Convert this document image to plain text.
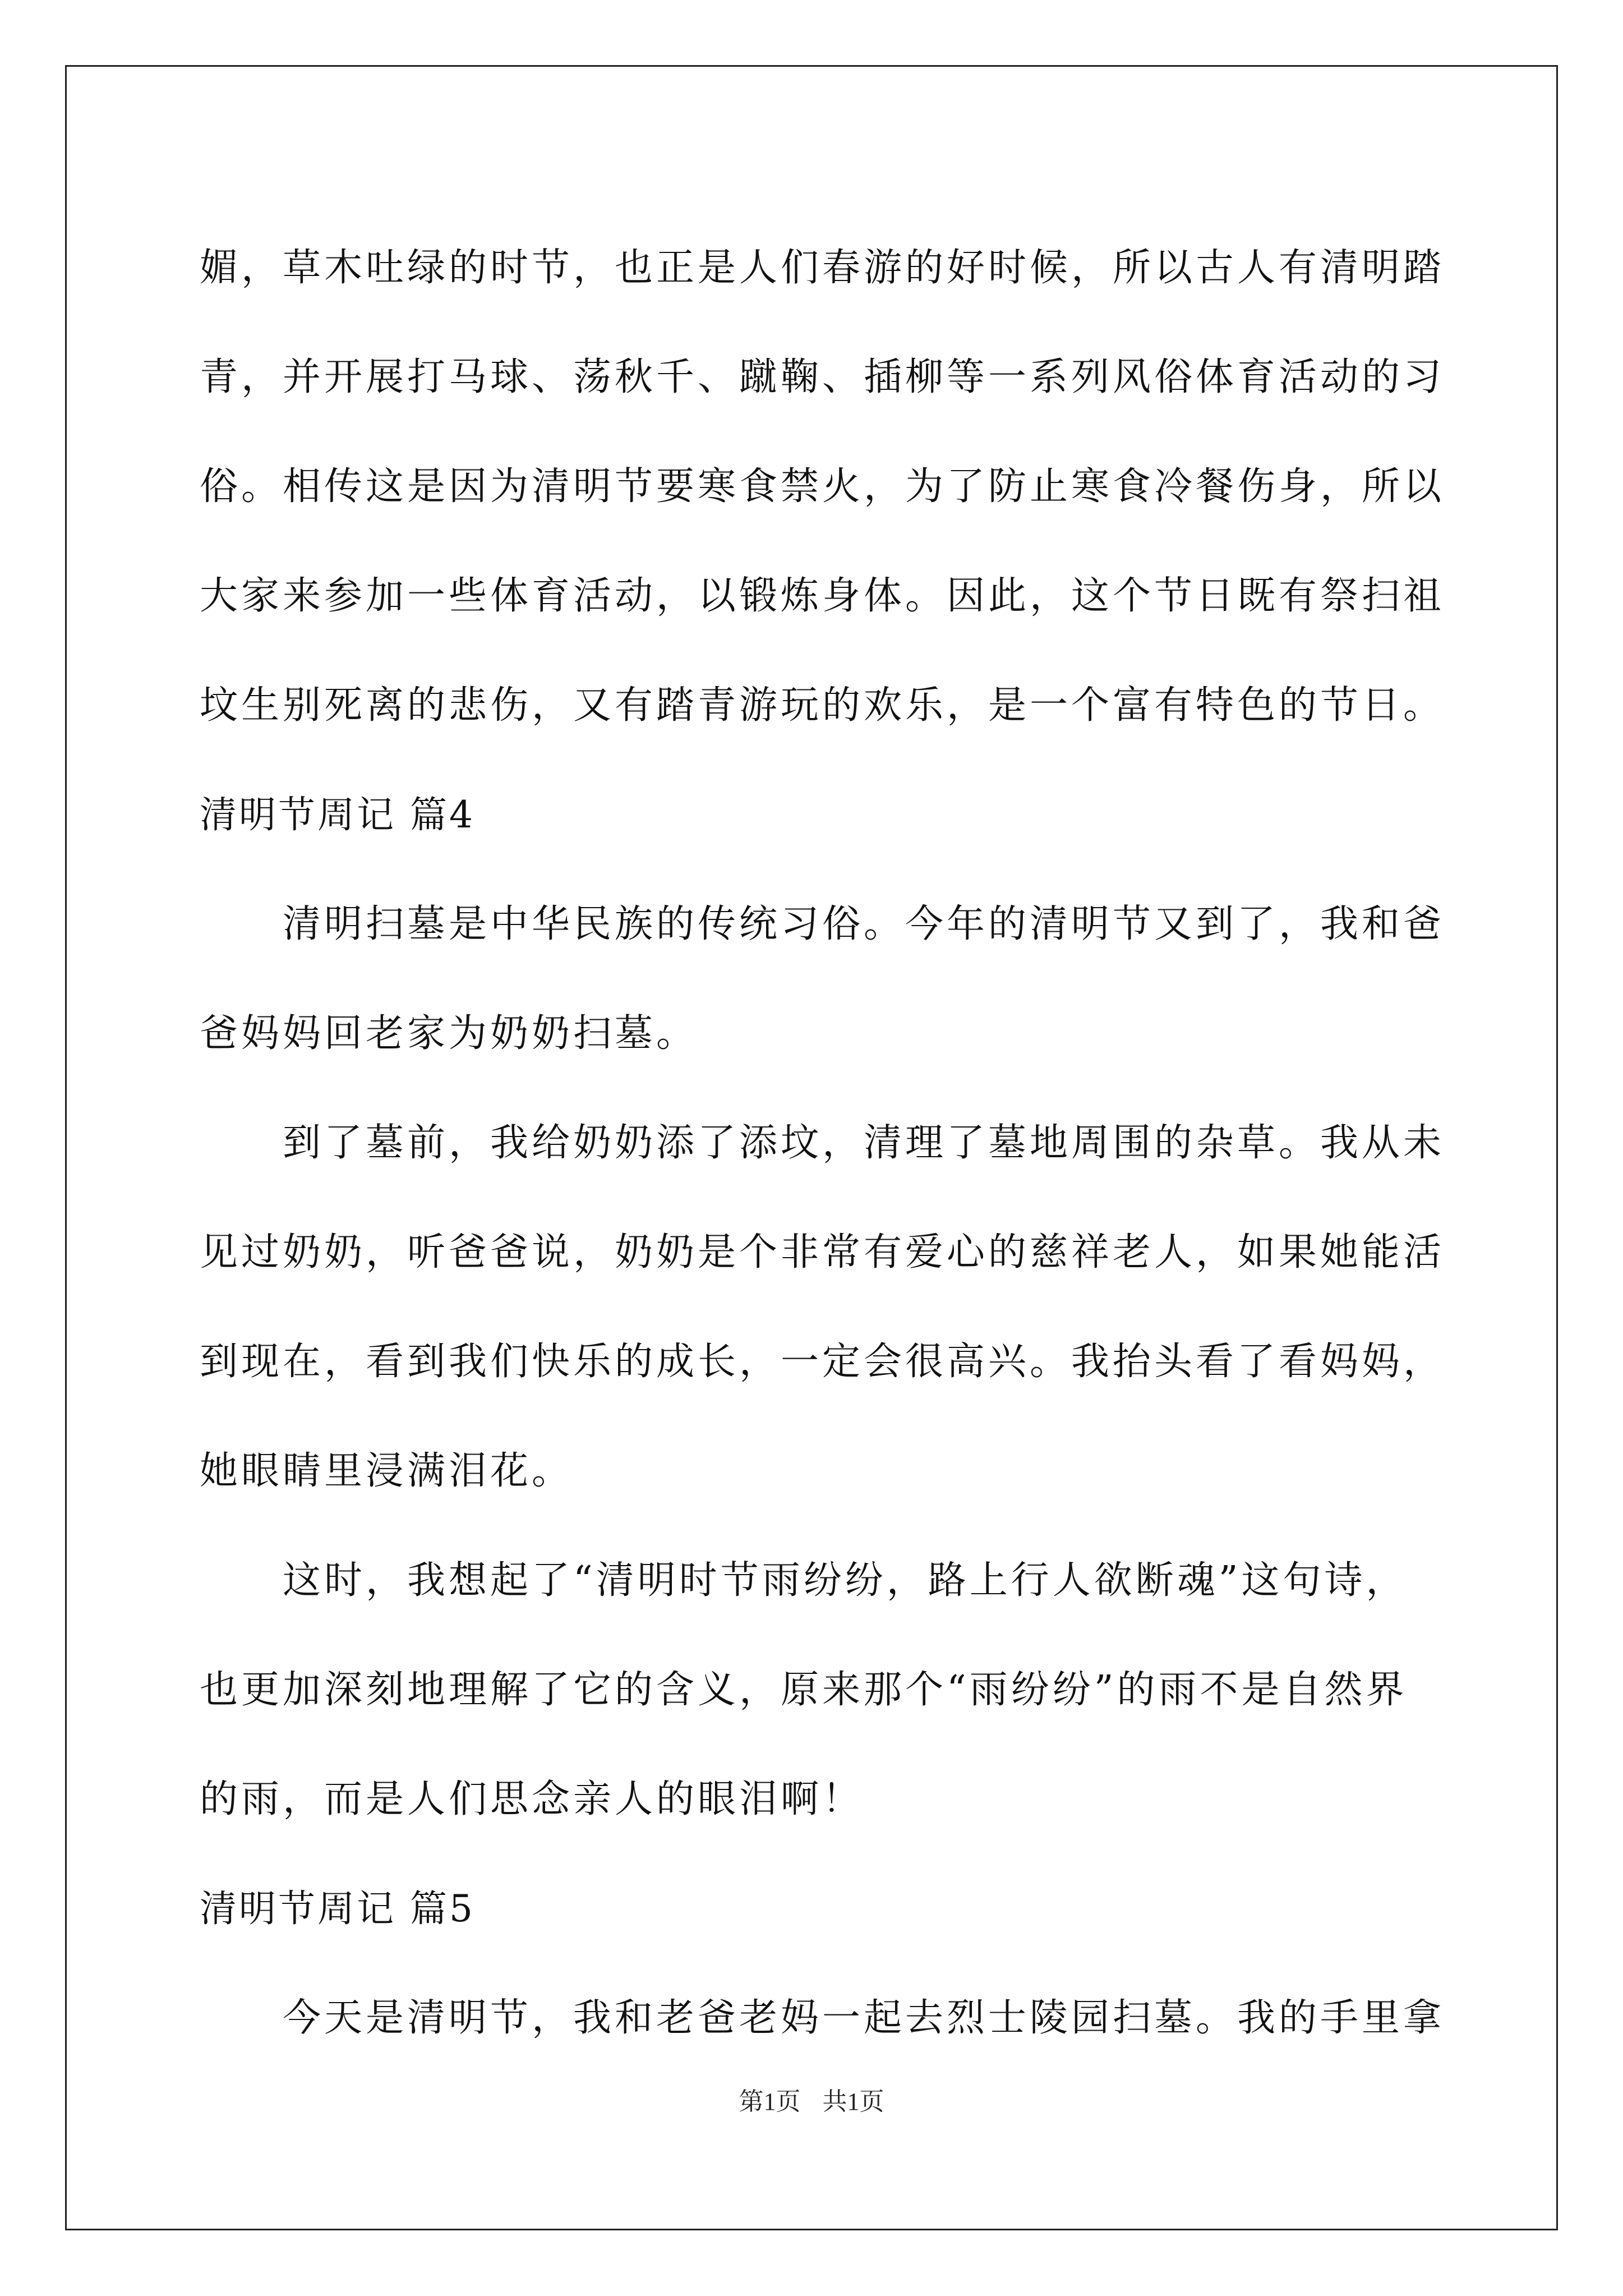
媚，草木吐绿的时节，也正是人们春游的好时候，所以古人有清明踏
青，并开展打马球、荡秋千、蹴鞠、插柳等一系列风俗体育活动的习
俗。相传这是因为清明节要寒食禁火，为了防止寒食冷餐伤身，所以
大家来参加一些体育活动，以锻炼身体。因此，这个节日既有祭扫祖
坟生别死离的悲伤，又有踏青游玩的欢乐，是一个富有特色的节日。
清明节周记 篇4
清明扫墓是中华民族的传统习俗。今年的清明节又到了，我和爸
爸妈妈回老家为奶奶扫墓。
到了墓前，我给奶奶添了添坟，清理了墓地周围的杂草。我从未
见过奶奶，听爸爸说，奶奶是个非常有爱心的慈祥老人，如果她能活
到现在，看到我们快乐的成长，一定会很高兴。我抬头看了看妈妈，
她眼睛里浸满泪花。
这时，我想起了“清明时节雨纷纷，路上行人欲断魂”这句诗，
也更加深刻地理解了它的含义，原来那个“雨纷纷”的雨不是自然界
的雨，而是人们思念亲人的眼泪啊！
清明节周记 篇5
今天是清明节，我和老爸老妈一起去烈士陵园扫墓。我的手里拿
第1页 共1页
